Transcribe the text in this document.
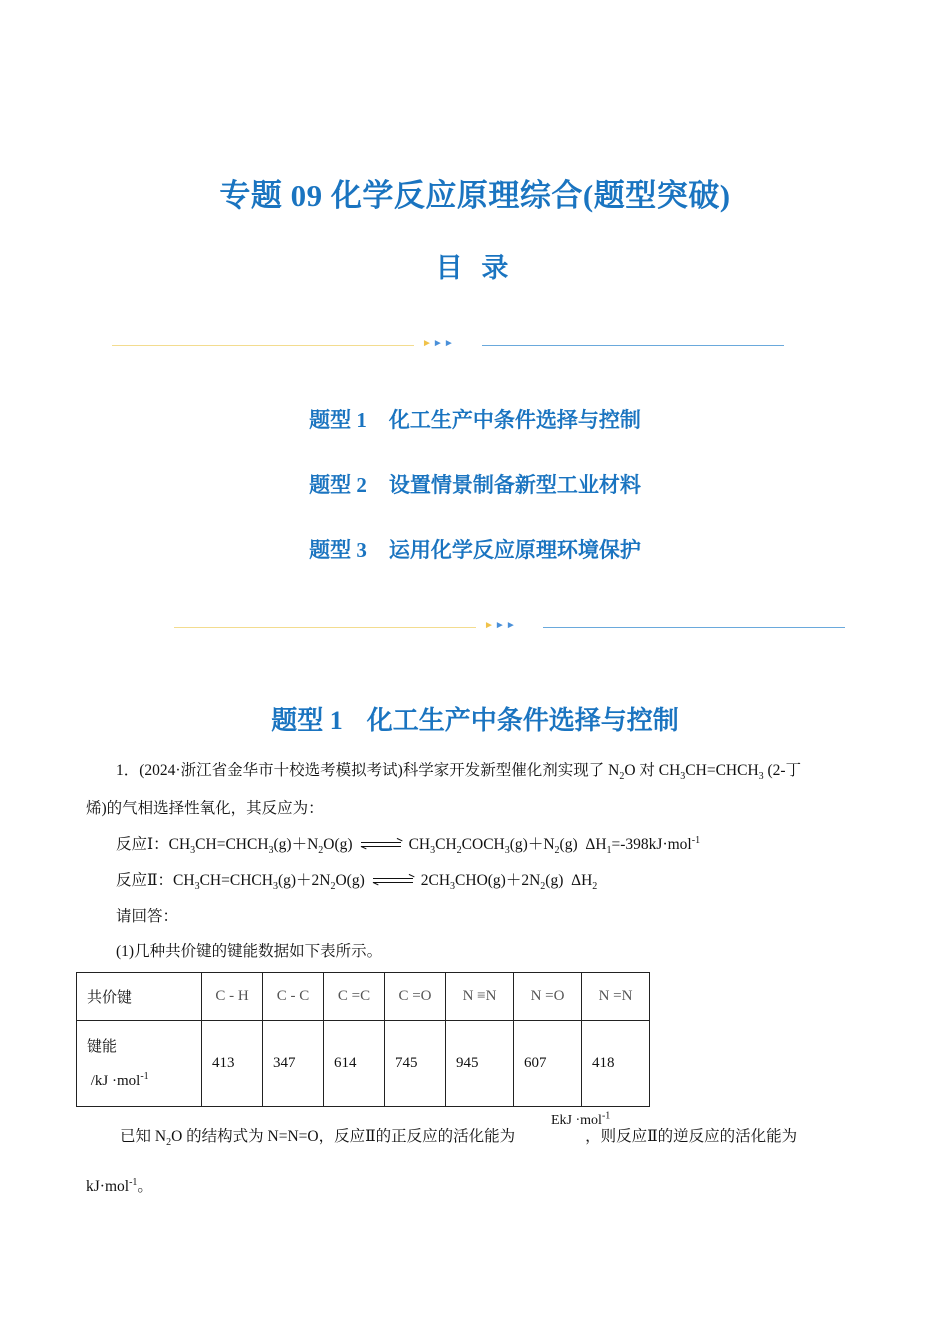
专题 09 化学反应原理综合(题型突破)
目 录
►►►
题型 1 化工生产中条件选择与控制
题型 2 设置情景制备新型工业材料
题型 3 运用化学反应原理环境保护
►►►
题型 1 化工生产中条件选择与控制
1．(2024·浙江省金华市十校选考模拟考试)科学家开发新型催化剂实现了 $N_2O$ 对 $CH_3CH=CHCH_3$ (2-丁
烯)的气相选择性氧化，其反应为：
反应Ⅰ：$CH_3CH=CHCH_3(g)+N_2O(g)$	$CH_3CH_2COCH_3(g)+N_2(g)$  $\Delta H_1=-398kJ\cdot mol^{-1}$
反应Ⅱ：$CH_3CH=CHCH_3(g)+2N_2O(g)$	$2CH_3CHO(g)+2N_2(g)$  $\Delta H_2$
请回答：
(1)几种共价键的键能数据如下表所示。
共价键	C - H	C - C	C =C	C =O	N ≡N	N =O	N =N

键能
/kJ ·mol$^{-1}$	413	347	614	745	945	607	418
EkJ ·mol$^{-1}$
已知 $N_2O$ 的结构式为 N=N=O，反应Ⅱ的正反应的活化能为	，则反应Ⅱ的逆反应的活化能为
kJ·mol$^{-1}$。
